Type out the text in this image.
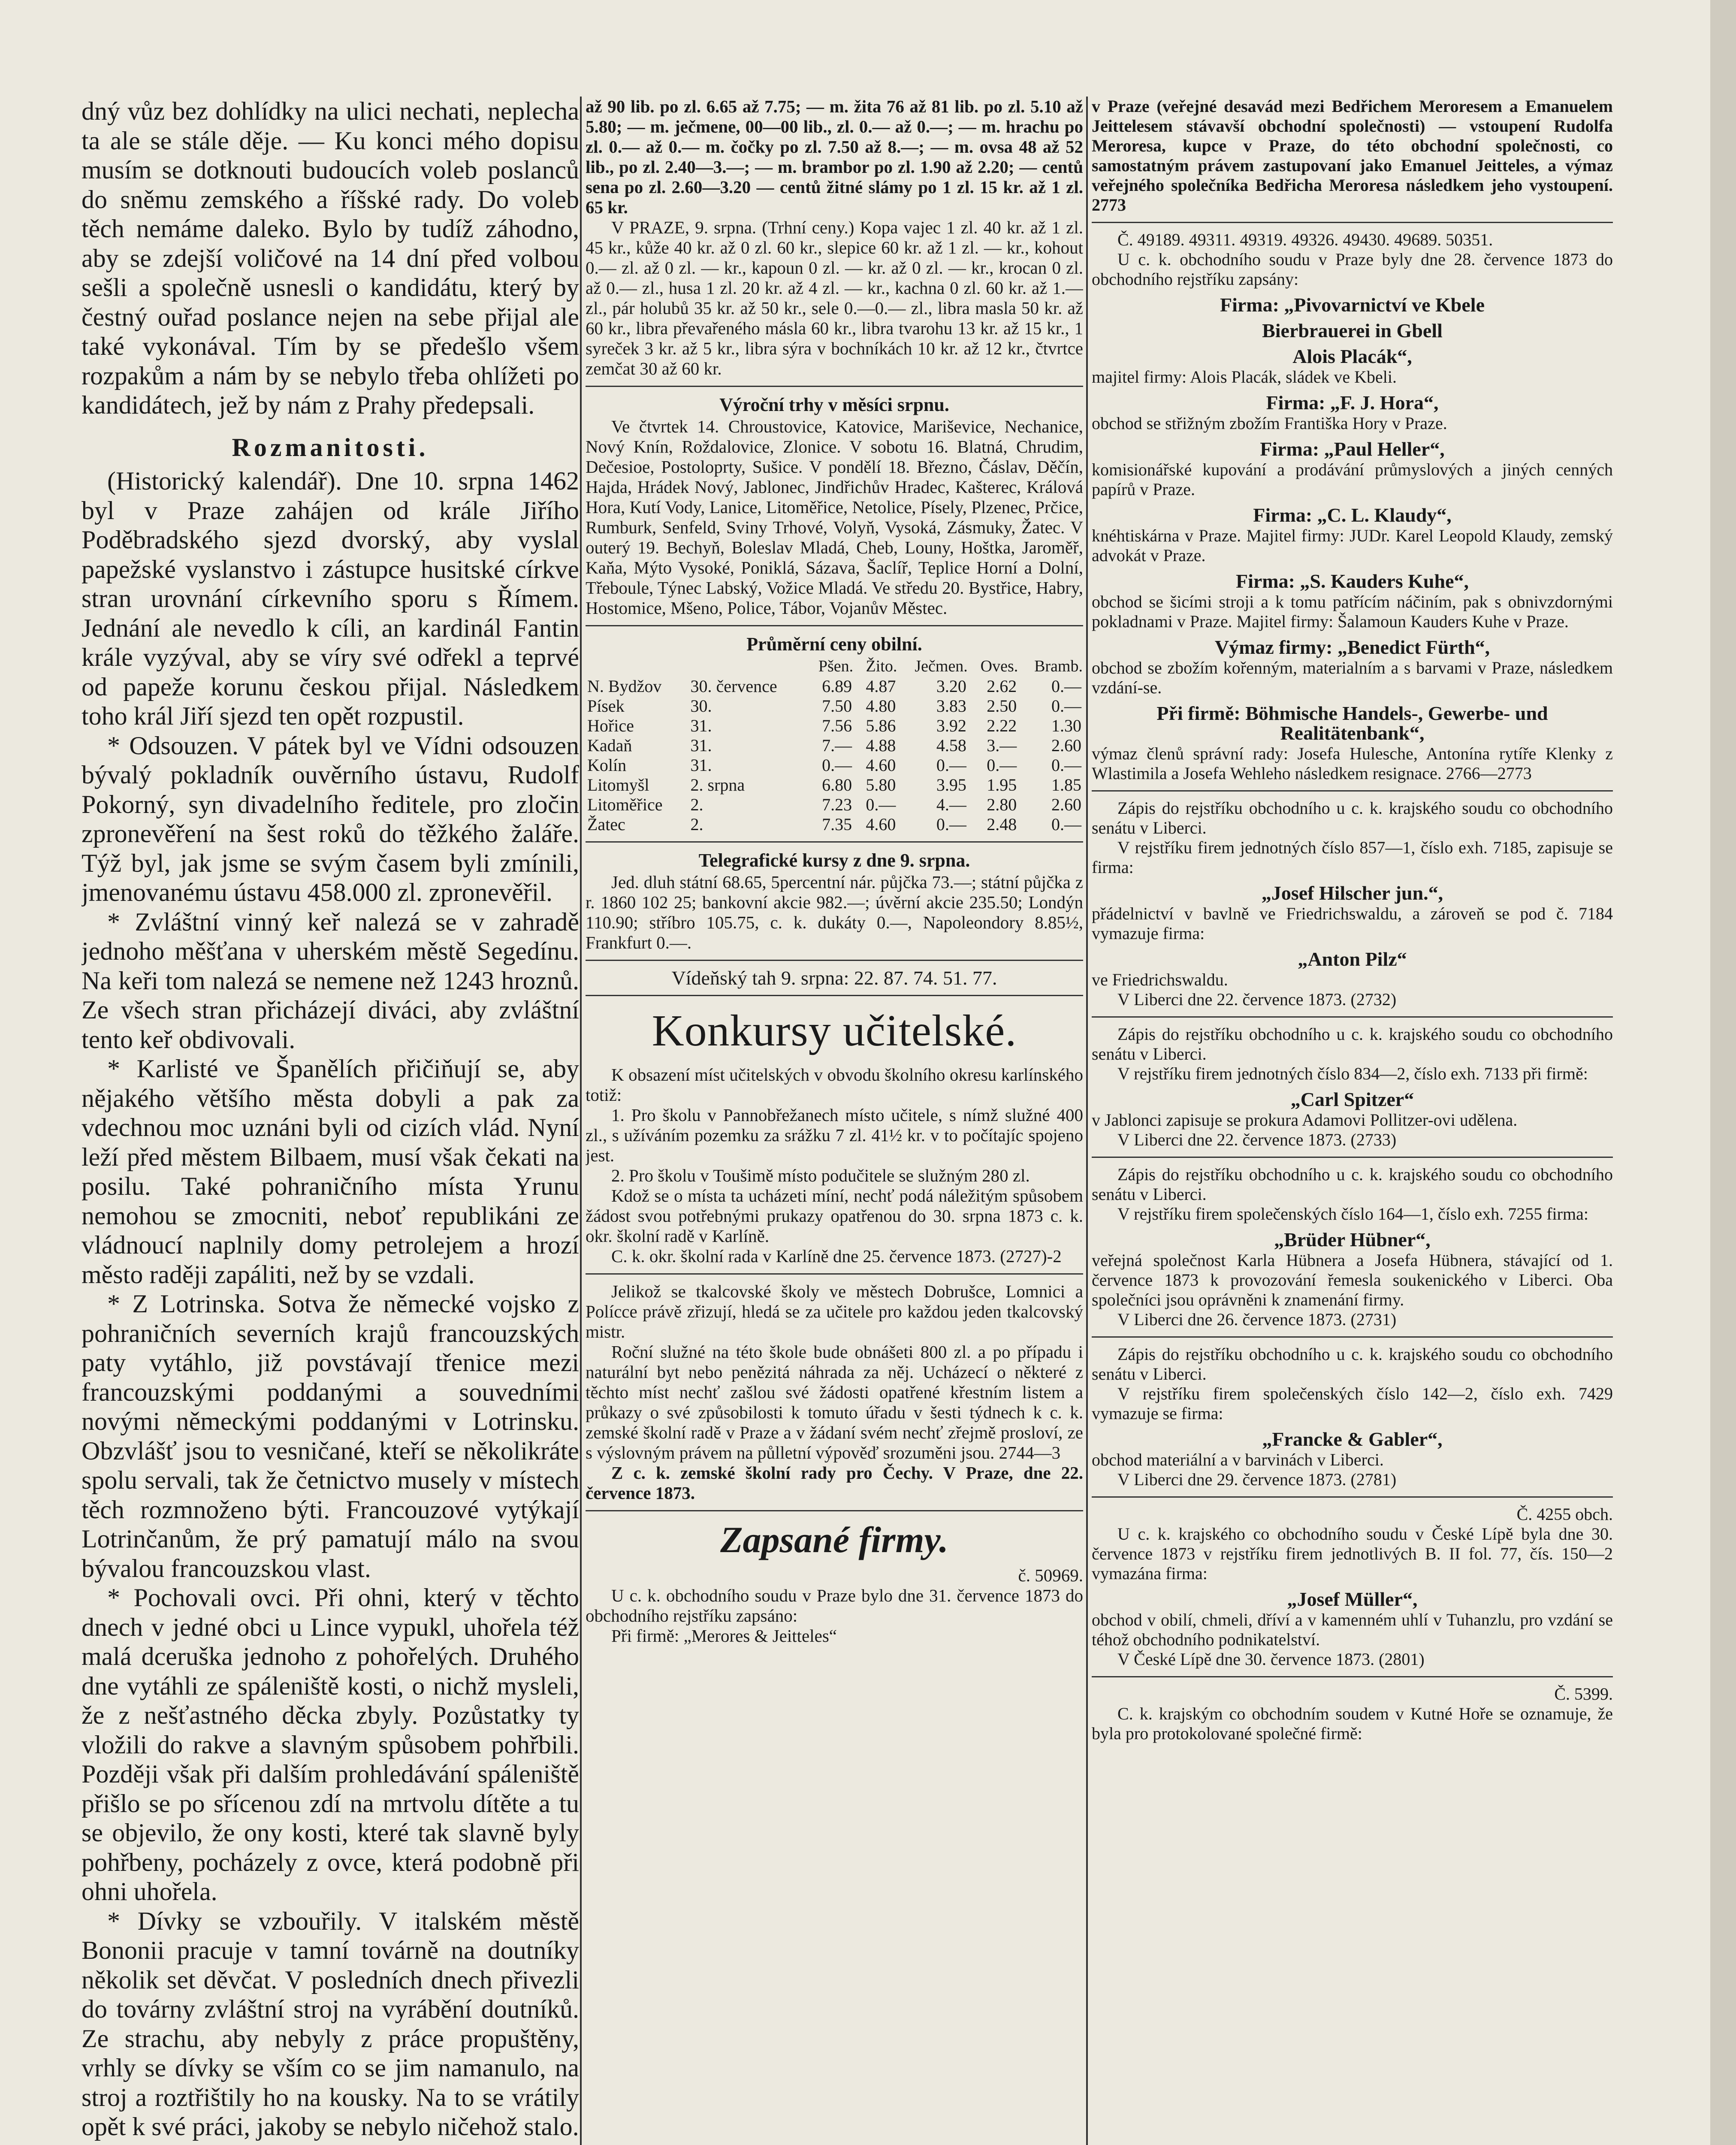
dný vůz bez dohlídky na ulici nechati, neplecha ta ale se stále děje. — Ku konci mého dopisu musím se dotknouti budoucích voleb poslanců do sněmu zemského a říšské rady. Do voleb těch nemáme daleko. Bylo by tudíž záhodno, aby se zdejší voličové na 14 dní před volbou sešli a společně usnesli o kandidátu, který by čestný ouřad poslance nejen na sebe přijal ale také vykonával. Tím by se předešlo všem rozpakům a nám by se nebylo třeba ohlížeti po kandidátech, jež by nám z Prahy předepsali.

Rozmanitosti.

(Historický kalendář). Dne 10. srpna 1462 byl v Praze zahájen od krále Jiřího Poděbradského sjezd dvorský, aby vyslal papežské vyslanstvo i zástupce husitské církve stran urovnání církevního sporu s Římem. Jednání ale nevedlo k cíli, an kardinál Fantin krále vyzýval, aby se víry své odřekl a teprvé od papeže korunu českou přijal. Následkem toho král Jiří sjezd ten opět rozpustil.

* Odsouzen. V pátek byl ve Vídni odsouzen bývalý pokladník ouvěrního ústavu, Rudolf Pokorný, syn divadelního ředitele, pro zločin zpronevěření na šest roků do těžkého žaláře. Týž byl, jak jsme se svým časem byli zmínili, jmenovanému ústavu 458.000 zl. zpronevěřil.

* Zvláštní vinný keř nalezá se v zahradě jednoho měšťana v uherském městě Segedínu. Na keři tom nalezá se nemene než 1243 hroznů. Ze všech stran přicházejí diváci, aby zvláštní tento keř obdivovali.

* Karlisté ve Španělích přičiňují se, aby nějakého většího města dobyli a pak za vdechnou moc uznáni byli od cizích vlád. Nyní leží před městem Bilbaem, musí však čekati na posilu. Také pohraničního místa Yrunu nemohou se zmocniti, neboť republikáni ze vládnoucí naplnily domy petrolejem a hrozí město raději zapáliti, než by se vzdali.

* Z Lotrinska. Sotva že německé vojsko z pohraničních severních krajů francouzských paty vytáhlo, již povstávají třenice mezi francouzskými poddanými a souvedními novými německými poddanými v Lotrinsku. Obzvlášť jsou to vesničané, kteří se několikráte spolu servali, tak že četnictvo musely v místech těch rozmnoženo býti. Francouzové vytýkají Lotrinčanům, že prý pamatují málo na svou bývalou francouzskou vlast.

* Pochovali ovci. Při ohni, který v těchto dnech v jedné obci u Lince vypukl, uhořela též malá dceruška jednoho z pohořelých. Druhého dne vytáhli ze spáleniště kosti, o nichž mysleli, že z nešťastného děcka zbyly. Pozůstatky ty vložili do rakve a slavným spůsobem pohřbili. Později však při dalším prohledávání spáleniště přišlo se po sřícenou zdí na mrtvolu dítěte a tu se objevilo, že ony kosti, které tak slavně byly pohřbeny, pocházely z ovce, která podobně při ohni uhořela.

* Dívky se vzbouřily. V italském městě Bononii pracuje v tamní továrně na doutníky několik set děvčat. V posledních dnech přivezli do továrny zvláštní stroj na vyrábění doutníků. Ze strachu, aby nebyly z práce propuštěny, vrhly se dívky se vším co se jim namanulo, na stroj a roztřištily ho na kousky. Na to se vrátily opět k své práci, jakoby se nebylo ničehož stalo.

až 90 lib. po zl. 6.65 až 7.75; — m. žita 76 až 81 lib. po zl. 5.10 až 5.80; — m. ječmene, 00—00 lib., zl. 0.— až 0.—; — m. hrachu po zl. 0.— až 0.— m. čočky po zl. 7.50 až 8.—; — m. ovsa 48 až 52 lib., po zl. 2.40—3.—; — m. brambor po zl. 1.90 až 2.20; — centů sena po zl. 2.60—3.20 — centů žitné slámy po 1 zl. 15 kr. až 1 zl. 65 kr.

V PRAZE, 9. srpna. (Trhní ceny.) Kopa vajec 1 zl. 40 kr. až 1 zl. 45 kr., kůže 40 kr. až 0 zl. 60 kr., slepice 60 kr. až 1 zl. — kr., kohout 0.— zl. až 0 zl. — kr., kapoun 0 zl. — kr. až 0 zl. — kr., krocan 0 zl. až 0.— zl., husa 1 zl. 20 kr. až 4 zl. — kr., kachna 0 zl. 60 kr. až 1.— zl., pár holubů 35 kr. až 50 kr., sele 0.—0.— zl., libra masla 50 kr. až 60 kr., libra převařeného másla 60 kr., libra tvarohu 13 kr. až 15 kr., 1 syreček 3 kr. až 5 kr., libra sýra v bochníkách 10 kr. až 12 kr., čtvrtce zemčat 30 až 60 kr.

Výroční trhy v měsíci srpnu.

Ve čtvrtek 14. Chroustovice, Katovice, Mariševice, Nechanice, Nový Knín, Roždalovice, Zlonice. V sobotu 16. Blatná, Chrudim, Dečesioe, Postoloprty, Sušice. V pondělí 18. Březno, Čáslav, Děčín, Hajda, Hrádek Nový, Jablonec, Jindřichův Hradec, Kašterec, Králová Hora, Kutí Vody, Lanice, Litoměřice, Netolice, Písely, Plzenec, Prčice, Rumburk, Senfeld, Sviny Trhové, Volyň, Vysoká, Zásmuky, Žatec. V outerý 19. Bechyň, Boleslav Mladá, Cheb, Louny, Hoštka, Jaroměř, Kaňa, Mýto Vysoké, Poniklá, Sázava, Šaclíř, Teplice Horní a Dolní, Třeboule, Týnec Labský, Vožice Mladá. Ve středu 20. Bystřice, Habry, Hostomice, Mšeno, Police, Tábor, Vojanův Městec.

Průměrní ceny obilní.
		Pšen.	Žito.	Ječmen.	Oves.	Bramb.
N. Bydžov	30. července	6.89	4.87	3.20	2.62	0.—
Písek	30.	7.50	4.80	3.83	2.50	0.—
Hořice	31.	7.56	5.86	3.92	2.22	1.30
Kadaň	31.	7.—	4.88	4.58	3.—	2.60
Kolín	31.	0.—	4.60	0.—	0.—	0.—
Litomyšl	2. srpna	6.80	5.80	3.95	1.95	1.85
Litoměřice	2.	7.23	0.—	4.—	2.80	2.60
Žatec	2.	7.35	4.60	0.—	2.48	0.—
Telegrafické kursy z dne 9. srpna.

Jed. dluh státní 68.65, 5percentní nár. půjčka 73.—; státní půjčka z r. 1860 102 25; bankovní akcie 982.—; úvěrní akcie 235.50; Londýn 110.90; stříbro 105.75, c. k. dukáty 0.—, Napoleondory 8.85½, Frankfurt 0.—.

Vídeňský tah 9. srpna: 22. 87. 74. 51. 77.

Konkursy učitelské.

K obsazení míst učitelských v obvodu školního okresu karlínského totiž:

1. Pro školu v Pannobřežanech místo učitele, s nímž služné 400 zl., s užíváním pozemku za srážku 7 zl. 41½ kr. v to počítajíc spojeno jest.

2. Pro školu v Toušimě místo podučitele se služným 280 zl.

Kdož se o místa ta ucházeti míní, nechť podá náležitým spůsobem žádost svou potřebnými prukazy opatřenou do 30. srpna 1873 c. k. okr. školní radě v Karlíně.

C. k. okr. školní rada v Karlíně dne 25. července 1873. (2727)-2

Jelikož se tkalcovské školy ve městech Dobrušce, Lomnici a Polícce právě zřizují, hledá se za učitele pro každou jeden tkalcovský mistr.

Roční služné na této škole bude obnášeti 800 zl. a po případu i naturální byt nebo penězitá náhrada za něj. Ucházecí o některé z těchto míst nechť zašlou své žádosti opatřené křestním listem a průkazy o své způsobilosti k tomuto úřadu v šesti týdnech k c. k. zemské školní radě v Praze a v žádaní svém nechť zřejmě prosloví, ze s výslovným právem na půlletní výpověď srozuměni jsou. 2744—3

Z c. k. zemské školní rady pro Čechy. V Praze, dne 22. července 1873.

Zapsané firmy.

č. 50969.

U c. k. obchodního soudu v Praze bylo dne 31. července 1873 do obchodního rejstříku zapsáno:

Při firmě: „Merores & Jeitteles“

v Praze (veřejné desavád mezi Bedřichem Meroresem a Emanuelem Jeittelesem stávavší obchodní společnosti) — vstoupení Rudolfa Meroresa, kupce v Praze, do této obchodní společnosti, co samostatným právem zastupovaní jako Emanuel Jeitteles, a výmaz veřejného společníka Bedřicha Meroresa následkem jeho vystoupení. 2773

Č. 49189. 49311. 49319. 49326. 49430. 49689. 50351.

U c. k. obchodního soudu v Praze byly dne 28. července 1873 do obchodního rejstříku zapsány:

Firma: „Pivovarnictví ve Kbele
Bierbrauerei in Gbell
Alois Placák“,

majitel firmy: Alois Placák, sládek ve Kbeli.

Firma: „F. J. Hora“,

obchod se střižným zbožím Františka Hory v Praze.

Firma: „Paul Heller“,

komisionářské kupování a prodávání průmyslových a jiných cenných papírů v Praze.

Firma: „C. L. Klaudy“,

knéhtiskárna v Praze. Majitel firmy: JUDr. Karel Leopold Klaudy, zemský advokát v Praze.

Firma: „S. Kauders Kuhe“,

obchod se šicími stroji a k tomu patřícím náčiním, pak s obnivzdornými pokladnami v Praze. Majitel firmy: Šalamoun Kauders Kuhe v Praze.

Výmaz firmy: „Benedict Fürth“,

obchod se zbožím kořenným, materialním a s barvami v Praze, následkem vzdání-se.

Při firmě: Böhmische Handels-, Gewerbe- und Realitätenbank“,

výmaz členů správní rady: Josefa Hulesche, Antonína rytíře Klenky z Wlastimila a Josefa Wehleho následkem resignace. 2766—2773

Zápis do rejstříku obchodního u c. k. krajského soudu co obchodního senátu v Liberci.

V rejstříku firem jednotných číslo 857—1, číslo exh. 7185, zapisuje se firma:

„Josef Hilscher jun.“,

přádelnictví v bavlně ve Friedrichswaldu, a zároveň se pod č. 7184 vymazuje firma:

„Anton Pilz“

ve Friedrichswaldu.

V Liberci dne 22. července 1873. (2732)

Zápis do rejstříku obchodního u c. k. krajského soudu co obchodního senátu v Liberci.

V rejstříku firem jednotných číslo 834—2, číslo exh. 7133 při firmě:

„Carl Spitzer“

v Jablonci zapisuje se prokura Adamovi Pollitzer-ovi udělena.

V Liberci dne 22. července 1873. (2733)

Zápis do rejstříku obchodního u c. k. krajského soudu co obchodního senátu v Liberci.

V rejstříku firem společenských číslo 164—1, číslo exh. 7255 firma:

„Brüder Hübner“,

veřejná společnost Karla Hübnera a Josefa Hübnera, stávající od 1. července 1873 k provozování řemesla soukenického v Liberci. Oba společníci jsou oprávněni k znamenání firmy.

V Liberci dne 26. července 1873. (2731)

Zápis do rejstříku obchodního u c. k. krajského soudu co obchodního senátu v Liberci.

V rejstříku firem společenských číslo 142—2, číslo exh. 7429 vymazuje se firma:

„Francke & Gabler“,

obchod materiální a v barvinách v Liberci.

V Liberci dne 29. července 1873. (2781)

Č. 4255 obch.

U c. k. krajského co obchodního soudu v České Lípě byla dne 30. července 1873 v rejstříku firem jednotlivých B. II fol. 77, čís. 150—2 vymazána firma:

„Josef Müller“,

obchod v obilí, chmeli, dříví a v kamenném uhlí v Tuhanzlu, pro vzdání se téhož obchodního podnikatelství.

V České Lípě dne 30. července 1873. (2801)

Č. 5399.

C. k. krajským co obchodním soudem v Kutné Hoře se oznamuje, že byla pro protokolované společné firmě:
